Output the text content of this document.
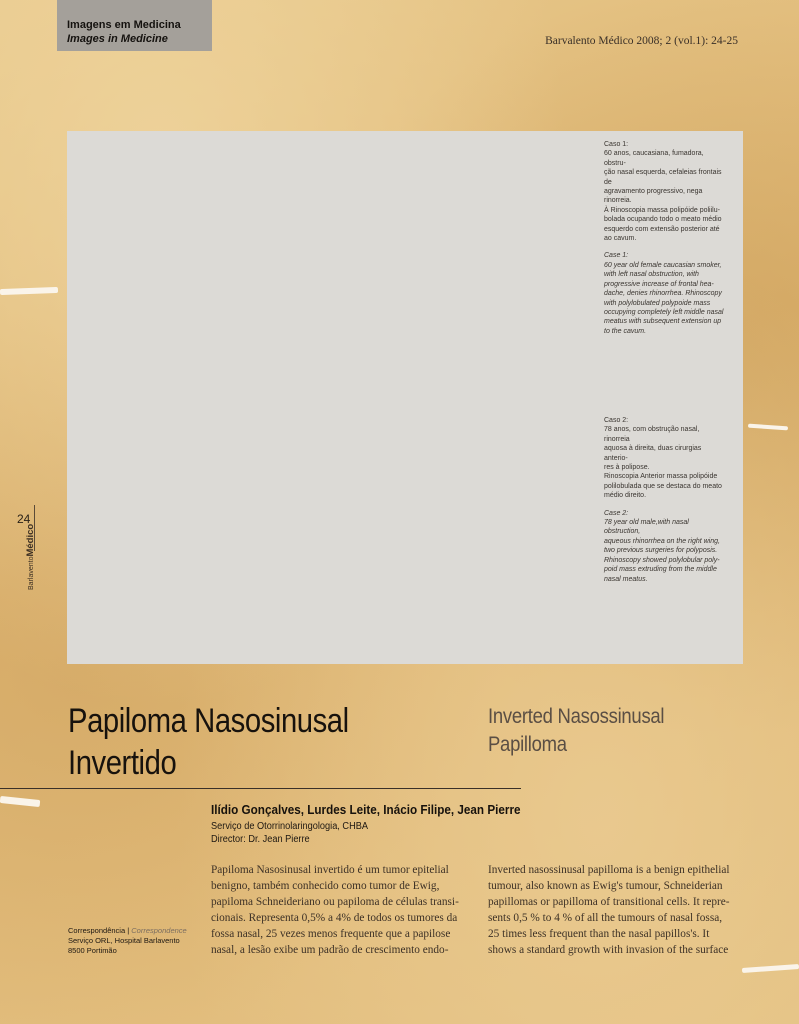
Imagens em Medicina
Images in Medicine	Barvalento Médico 2008; 2 (vol.1): 24-25

Caso 1:

60 anos, caucasiana, fumadora, obstru-

ção nasal esquerda, cefaleias frontais de

agravamento progressivo, nega rinorreia.

À Rinoscopia massa polipóide poliilu-

bolada ocupando todo o meato médio

esquerdo com extensão posterior até

ao cavum.

Case 1:

60 year old female caucasian smoker,

with left nasal obstruction, with

progressive increase of frontal hea-

dache, denies rhinorrhea. Rhinoscopy

with polylobulated polypoide mass

occupying completely left middle nasal

meatus with subsequent extension up

to the cavum.

Caso 2:

78 anos, com obstrução nasal, rinorreia

aquosa à direita, duas cirurgias anterio-

res à polipose.

Rinoscopia Anterior massa polipóide

polilobulada que se destaca do meato

médio direito.

Case 2:

78 year old male,with nasal obstruction,

aqueous rhinorrhea on the right wing,

two previous surgeries for polyposis.

Rhinoscopy showed polylobular poly-

poid mass extruding from the middle

nasal meatus.

24
BarlaventoMédico
Papiloma Nasosinusal
Invertido
Inverted Nasossinusal
Papilloma
Ilídio Gonçalves, Lurdes Leite, Inácio Filipe, Jean Pierre
Serviço de Otorrinolaringologia, CHBA
Director: Dr. Jean Pierre

Papiloma Nasosinusal invertido é um tumor epitelial

benigno, também conhecido como tumor de Ewig,

papiloma Schneideriano ou papiloma de células transi-

cionais. Representa 0,5% a 4% de todos os tumores da

fossa nasal, 25 vezes menos frequente que a papilose

nasal, a lesão exibe um padrão de crescimento endo-

Inverted nasossinusal papilloma is a benign epithelial

tumour, also known as Ewig's tumour, Schneiderian

papillomas or papilloma of transitional cells. It repre-

sents 0,5 % to 4 % of all the tumours of nasal fossa,

25 times less frequent than the nasal papillos's. It

shows a standard growth with invasion of the surface

Correspondência | Correspondence
Serviço ORL, Hospital Barlavento
8500 Portimão
